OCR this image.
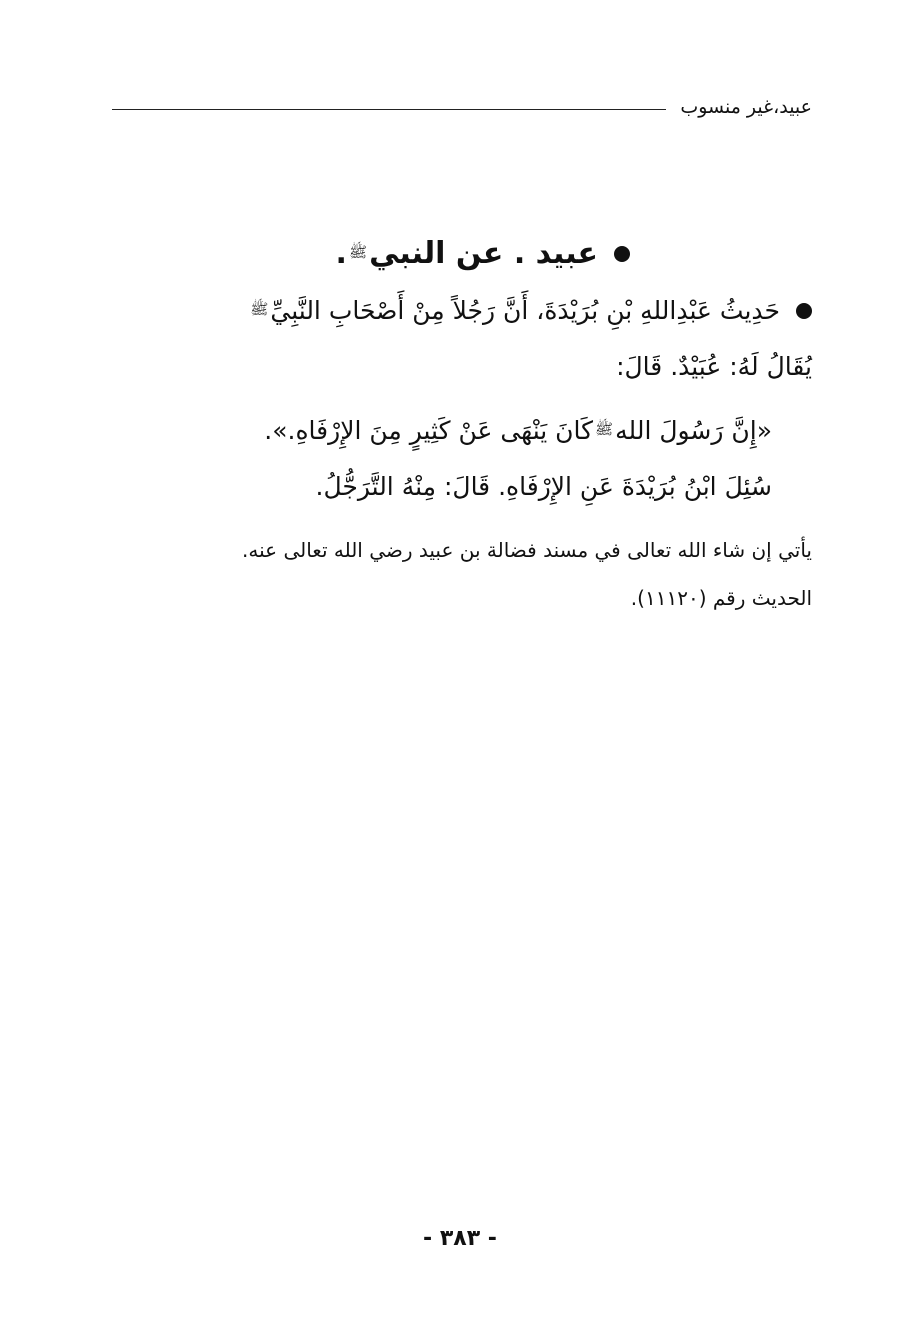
عبيد،غير منسوب
عبيد . عن النبي
ﷺ
.
حَدِيثُ عَبْدِاللهِ بْنِ بُرَيْدَةَ، أَنَّ رَجُلاً مِنْ أَصْحَابِ النَّبِيِّ
ﷺ
يُقَالُ لَهُ: عُبَيْدٌ. قَالَ:
«إِنَّ رَسُولَ الله
ﷺ
كَانَ يَنْهَى عَنْ كَثِيرٍ مِنَ الإِرْفَاهِ.».
سُئِلَ ابْنُ بُرَيْدَةَ عَنِ الإِرْفَاهِ. قَالَ: مِنْهُ التَّرَجُّلُ.
يأتي إن شاء الله تعالى في مسند فضالة بن عبيد رضي الله تعالى عنه.
الحديث رقم (١١١٢٠).
- ٣٨٣ -
